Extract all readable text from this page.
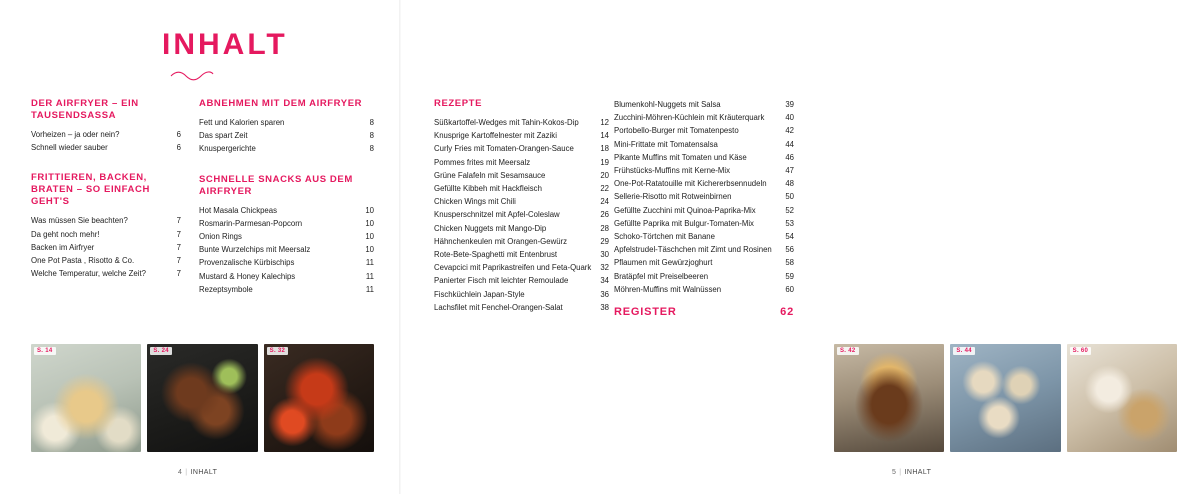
INHALT
DER AIRFRYER – EIN TAUSENDSASSA
Vorheizen – ja oder nein?	6
Schnell wieder sauber	6
FRITTIEREN, BACKEN, BRATEN – SO EINFACH GEHT'S
Was müssen Sie beachten?	7
Da geht noch mehr!	7
Backen im Airfryer	7
One Pot Pasta , Risotto & Co.	7
Welche Temperatur, welche Zeit?	7
ABNEHMEN MIT DEM AIRFRYER
Fett und Kalorien sparen	8
Das spart Zeit	8
Knuspergerichte	8
SCHNELLE SNACKS AUS DEM AIRFRYER
Hot Masala Chickpeas	10
Rosmarin-Parmesan-Popcorn	10
Onion Rings	10
Bunte Wurzelchips mit Meersalz	10
Provenzalische Kürbischips	11
Mustard & Honey Kalechips	11
Rezeptsymbole	11
S. 14	S. 24	S. 32
4 | INHALT
REZEPTE
Süßkartoffel-Wedges mit Tahin-Kokos-Dip	12
Knusprige Kartoffelnester mit Zaziki	14
Curly Fries mit Tomaten-Orangen-Sauce	18
Pommes frites mit Meersalz	19
Grüne Falafeln mit Sesamsauce	20
Gefüllte Kibbeh mit Hackfleisch	22
Chicken Wings mit Chili	24
Knusperschnitzel mit Apfel-Coleslaw	26
Chicken Nuggets mit Mango-Dip	28
Hähnchenkeulen mit Orangen-Gewürz	29
Rote-Bete-Spaghetti mit Entenbrust	30
Cevapcici mit Paprikastreifen und Feta-Quark	32
Panierter Fisch mit leichter Remoulade	34
Fischküchlein Japan-Style	36
Lachsfilet mit Fenchel-Orangen-Salat	38
Blumenkohl-Nuggets mit Salsa	39
Zucchini-Möhren-Küchlein mit Kräuterquark	40
Portobello-Burger mit Tomatenpesto	42
Mini-Frittate mit Tomatensalsa	44
Pikante Muffins mit Tomaten und Käse	46
Frühstücks-Muffins mit Kerne-Mix	47
One-Pot-Ratatouille mit Kichererbsennudeln	48
Sellerie-Risotto mit Rotweinbirnen	50
Gefüllte Zucchini mit Quinoa-Paprika-Mix	52
Gefüllte Paprika mit Bulgur-Tomaten-Mix	53
Schoko-Törtchen mit Banane	54
Apfelstrudel-Täschchen mit Zimt und Rosinen	56
Pflaumen mit Gewürzjoghurt	58
Bratäpfel mit Preiselbeeren	59
Möhren-Muffins mit Walnüssen	60
REGISTER	62
S. 42	S. 44	S. 60
5 | INHALT
